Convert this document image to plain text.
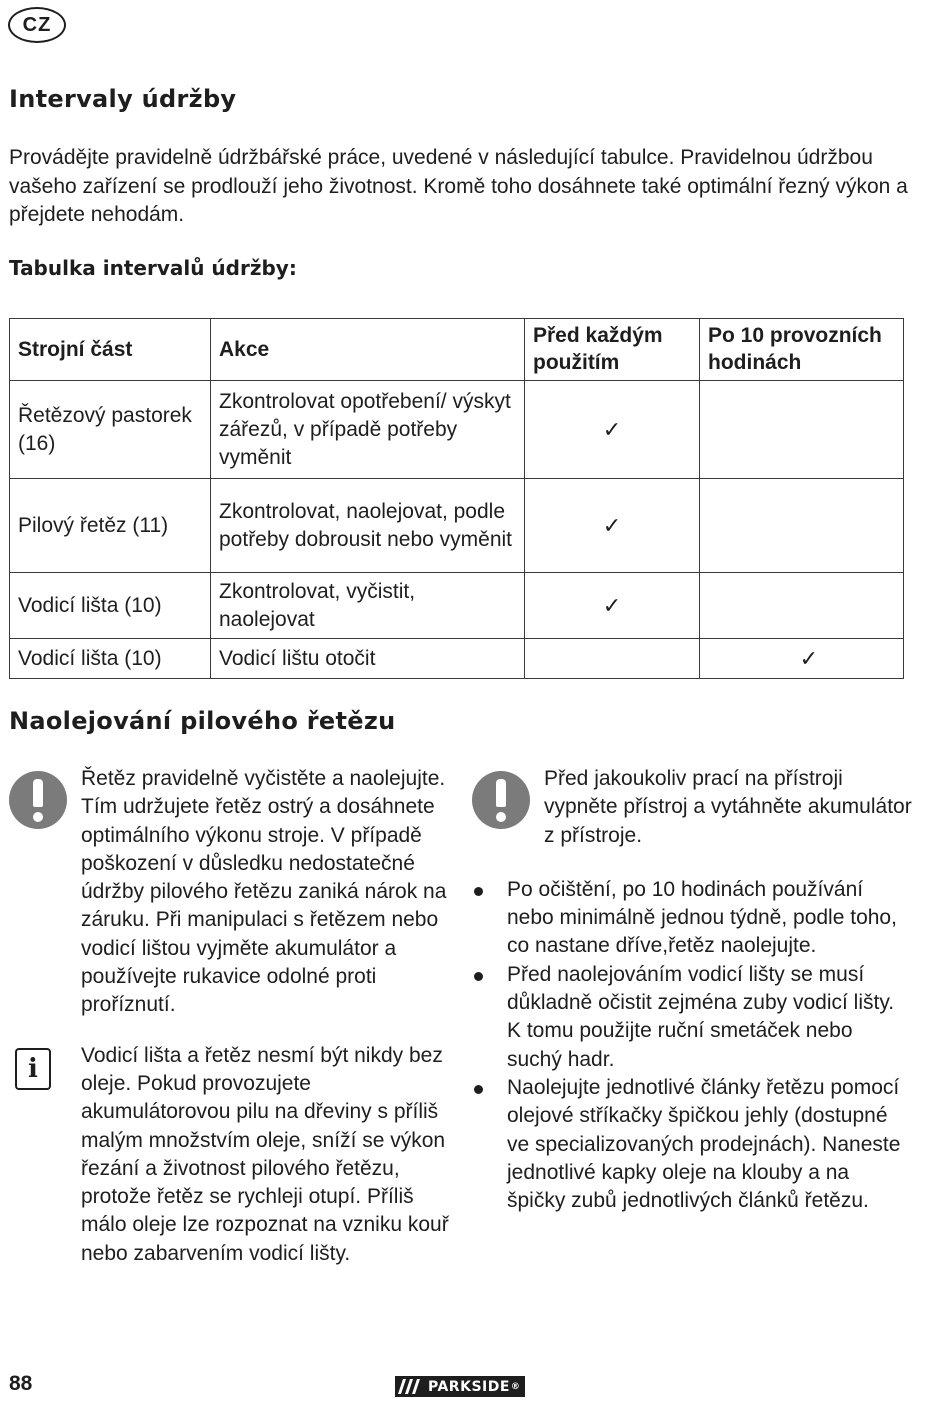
CZ
Intervaly údržby

Provádějte pravidelně údržbářské práce, uvedené v následující tabulce. Pravidelnou údržbou vašeho zařízení se prodlouží jeho životnost. Kromě toho dosáhnete také optimální řezný výkon a přejdete nehodám.

Tabulka intervalů údržby:

Strojní část	Akce	Před každým použitím	Po 10 provozních hodinách
Řetězový pastorek (16)	Zkontrolovat opotřebení/ výskyt zářezů, v případě potřeby vyměnit	✓	
Pilový řetěz (11)	Zkontrolovat, naolejovat, podle potřeby dobrousit nebo vyměnit	✓	
Vodicí lišta (10)	Zkontrolovat, vyčistit, naolejovat	✓	
Vodicí lišta (10)	Vodicí lištu otočit		✓
Naolejování pilového řetězu

Řetěz pravidelně vyčistěte a naolejujte. Tím udržujete řetěz ostrý a dosáhnete optimálního výkonu stroje. V případě poškození v důsledku nedostatečné údržby pilového řetězu zaniká nárok na záruku. Při manipulaci s řetězem nebo vodicí lištou vyjměte akumulátor a používejte rukavice odolné proti proříznutí.

i	Vodicí lišta a řetěz nesmí být nikdy bez oleje. Pokud provozujete akumulátorovou pilu na dřeviny s příliš malým množstvím oleje, sníží se výkon řezání a životnost pilového řetězu, protože řetěz se rychleji otupí. Příliš málo oleje lze rozpoznat na vzniku kouř nebo zabarvením vodicí lišty.

Před jakoukoliv prací na přístroji vypněte přístroj a vytáhněte akumulátor z přístroje.

Po očištění, po 10 hodinách používání nebo minimálně jednou týdně, podle toho, co nastane dříve,řetěz naolejujte.
Před naolejováním vodicí lišty se musí důkladně očistit zejména zuby vodicí lišty. K tomu použijte ruční smetáček nebo suchý hadr.
Naolejujte jednotlivé články řetězu pomocí olejové stříkačky špičkou jehly (dostupné ve specializovaných prodejnách). Naneste jednotlivé kapky oleje na klouby a na špičky zubů jednotlivých článků řetězu.
88	PARKSIDE ®
